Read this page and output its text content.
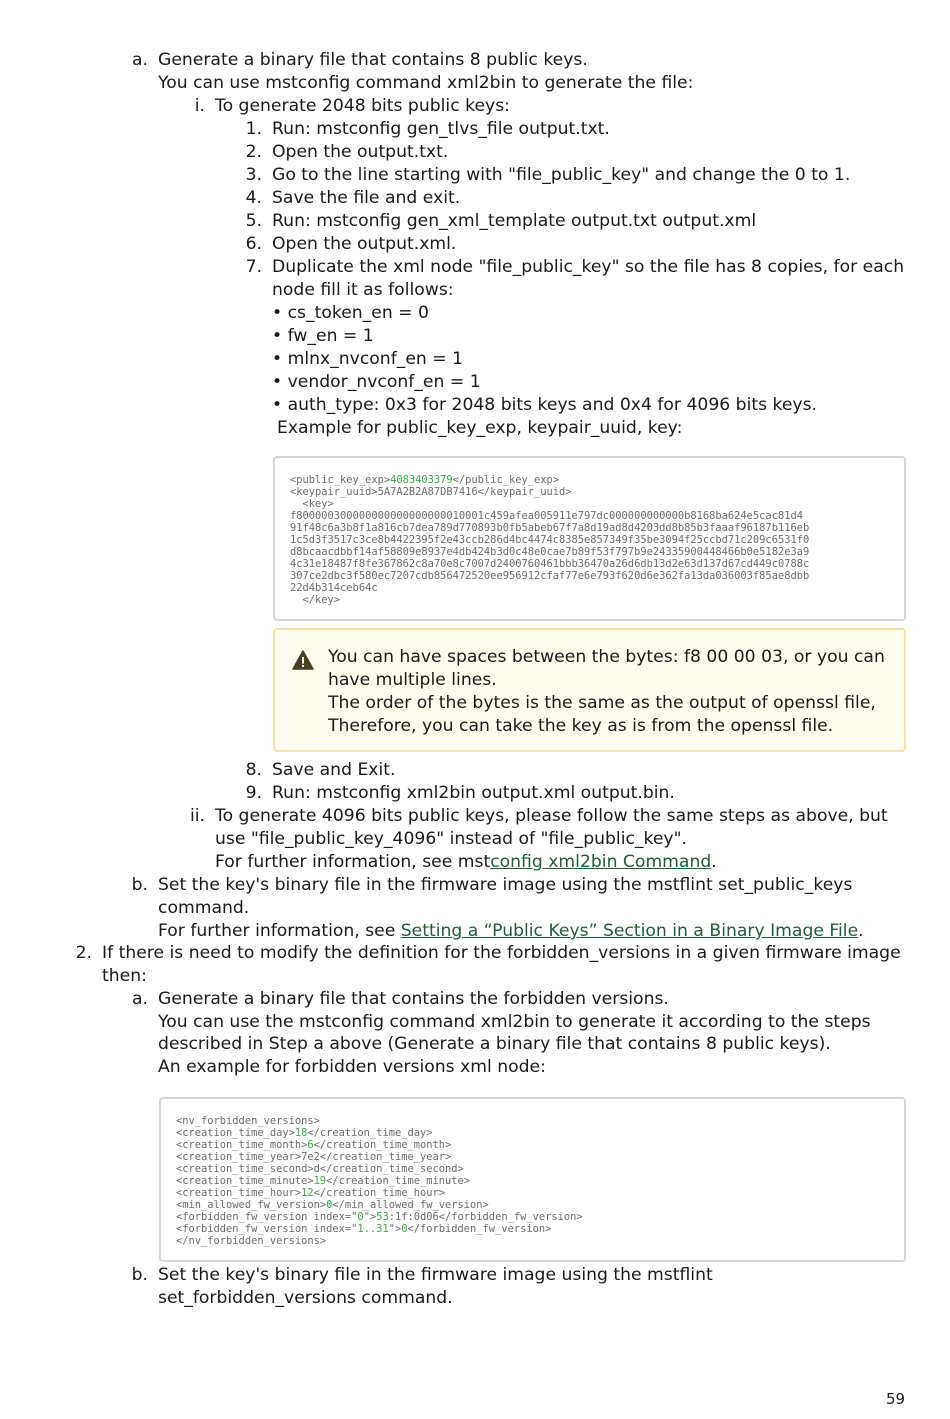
a. Generate a binary file that contains 8 public keys.
You can use mstconfig command xml2bin to generate the file:
i. To generate 2048 bits public keys:
1. Run: mstconfig gen_tlvs_file output.txt.
2. Open the output.txt.
3. Go to the line starting with "file_public_key" and change the 0 to 1.
4. Save the file and exit.
5. Run: mstconfig gen_xml_template output.txt output.xml
6. Open the output.xml.
7. Duplicate the xml node "file_public_key" so the file has 8 copies, for each
node fill it as follows:
• cs_token_en = 0
• fw_en = 1
• mlnx_nvconf_en = 1
• vendor_nvconf_en = 1
• auth_type: 0x3 for 2048 bits keys and 0x4 for 4096 bits keys.
Example for public_key_exp, keypair_uuid, key:
<public_key_exp>4083403379</public_key_exp>
<keypair_uuid>5A7A2B2A87DB7416</keypair_uuid>
<key>
f800000300000000000000000010001c459afea005911e797dc000000000000b8168ba624e5cac81d4
91f48c6a3b8f1a816cb7dea789d770893b0fb5abeb67f7a8d19ad8d4203dd8b85b3faaaf96187b116eb
1c5d3f3517c3ce8b4422395f2e43ccb286d4bc4474c8385e857349f35be3094f25ccbd71c209c6531f0
d8bcaacdbbf14af58809e8937e4db424b3d0c48e0cae7b89f53f797b9e24335900448466b0e5182e3a9
4c31e18487f8fe367862c8a70e8c7007d2400760461bbb36470a26d6db13d2e63d137d67cd449c0788c
307ce2dbc3f580ec7207cdb856472520ee956912cfaf77e6e793f620d6e362fa13da036003f85ae8dbb
22d4b314ceb64c
</key>
You can have spaces between the bytes: f8 00 00 03, or you can
have multiple lines.
The order of the bytes is the same as the output of openssl file,
Therefore, you can take the key as is from the openssl file.
8. Save and Exit.
9. Run: mstconfig xml2bin output.xml output.bin.
ii. To generate 4096 bits public keys, please follow the same steps as above, but
use "file_public_key_4096" instead of "file_public_key".
For further information, see mstconfig xml2bin Command.
b. Set the key's binary file in the firmware image using the mstflint set_public_keys
command.
For further information, see Setting a “Public Keys” Section in a Binary Image File.
2. If there is need to modify the definition for the forbidden_versions in a given firmware image
then:
a. Generate a binary file that contains the forbidden versions.
You can use the mstconfig command xml2bin to generate it according to the steps
described in Step a above (Generate a binary file that contains 8 public keys).
An example for forbidden versions xml node:
<nv_forbidden_versions>
<creation_time_day>18</creation_time_day>
<creation_time_month>6</creation_time_month>
<creation_time_year>7e2</creation_time_year>
<creation_time_second>d</creation_time_second>
<creation_time_minute>19</creation_time_minute>
<creation_time_hour>12</creation_time_hour>
<min_allowed_fw_version>0</min_allowed_fw_version>
<forbidden_fw_version index="0">53:1f:0d06</forbidden_fw_version>
<forbidden_fw_version index="1..31">0</forbidden_fw_version>
</nv_forbidden_versions>
b. Set the key's binary file in the firmware image using the mstflint
set_forbidden_versions command.
59
